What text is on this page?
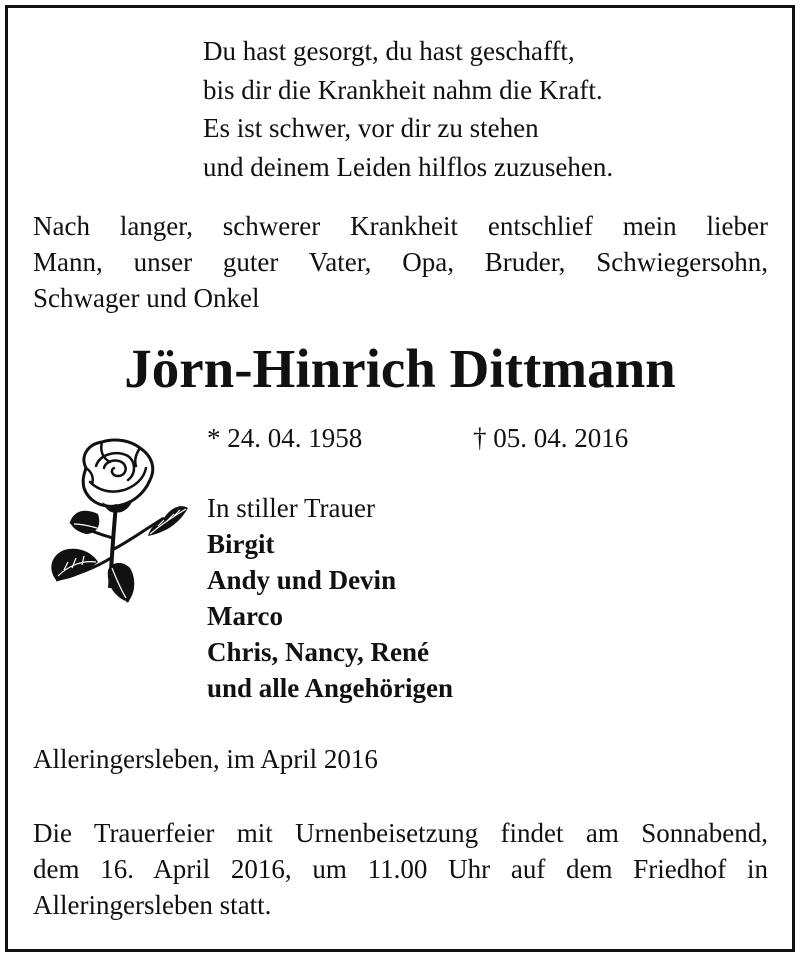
Du hast gesorgt, du hast geschafft,
bis dir die Krankheit nahm die Kraft.
Es ist schwer, vor dir zu stehen
und deinem Leiden hilflos zuzusehen.
Nach langer, schwerer Krankheit entschlief mein lieber
Mann, unser guter Vater, Opa, Bruder, Schwiegersohn,
Schwager und Onkel
Jörn-Hinrich Dittmann
* 24. 04. 1958	† 05. 04. 2016
In stiller Trauer
Birgit
Andy und Devin
Marco
Chris, Nancy, René
und alle Angehörigen
Alleringersleben, im April 2016
Die Trauerfeier mit Urnenbeisetzung findet am Sonnabend,
dem 16. April 2016, um 11.00 Uhr auf dem Friedhof in
Alleringersleben statt.
